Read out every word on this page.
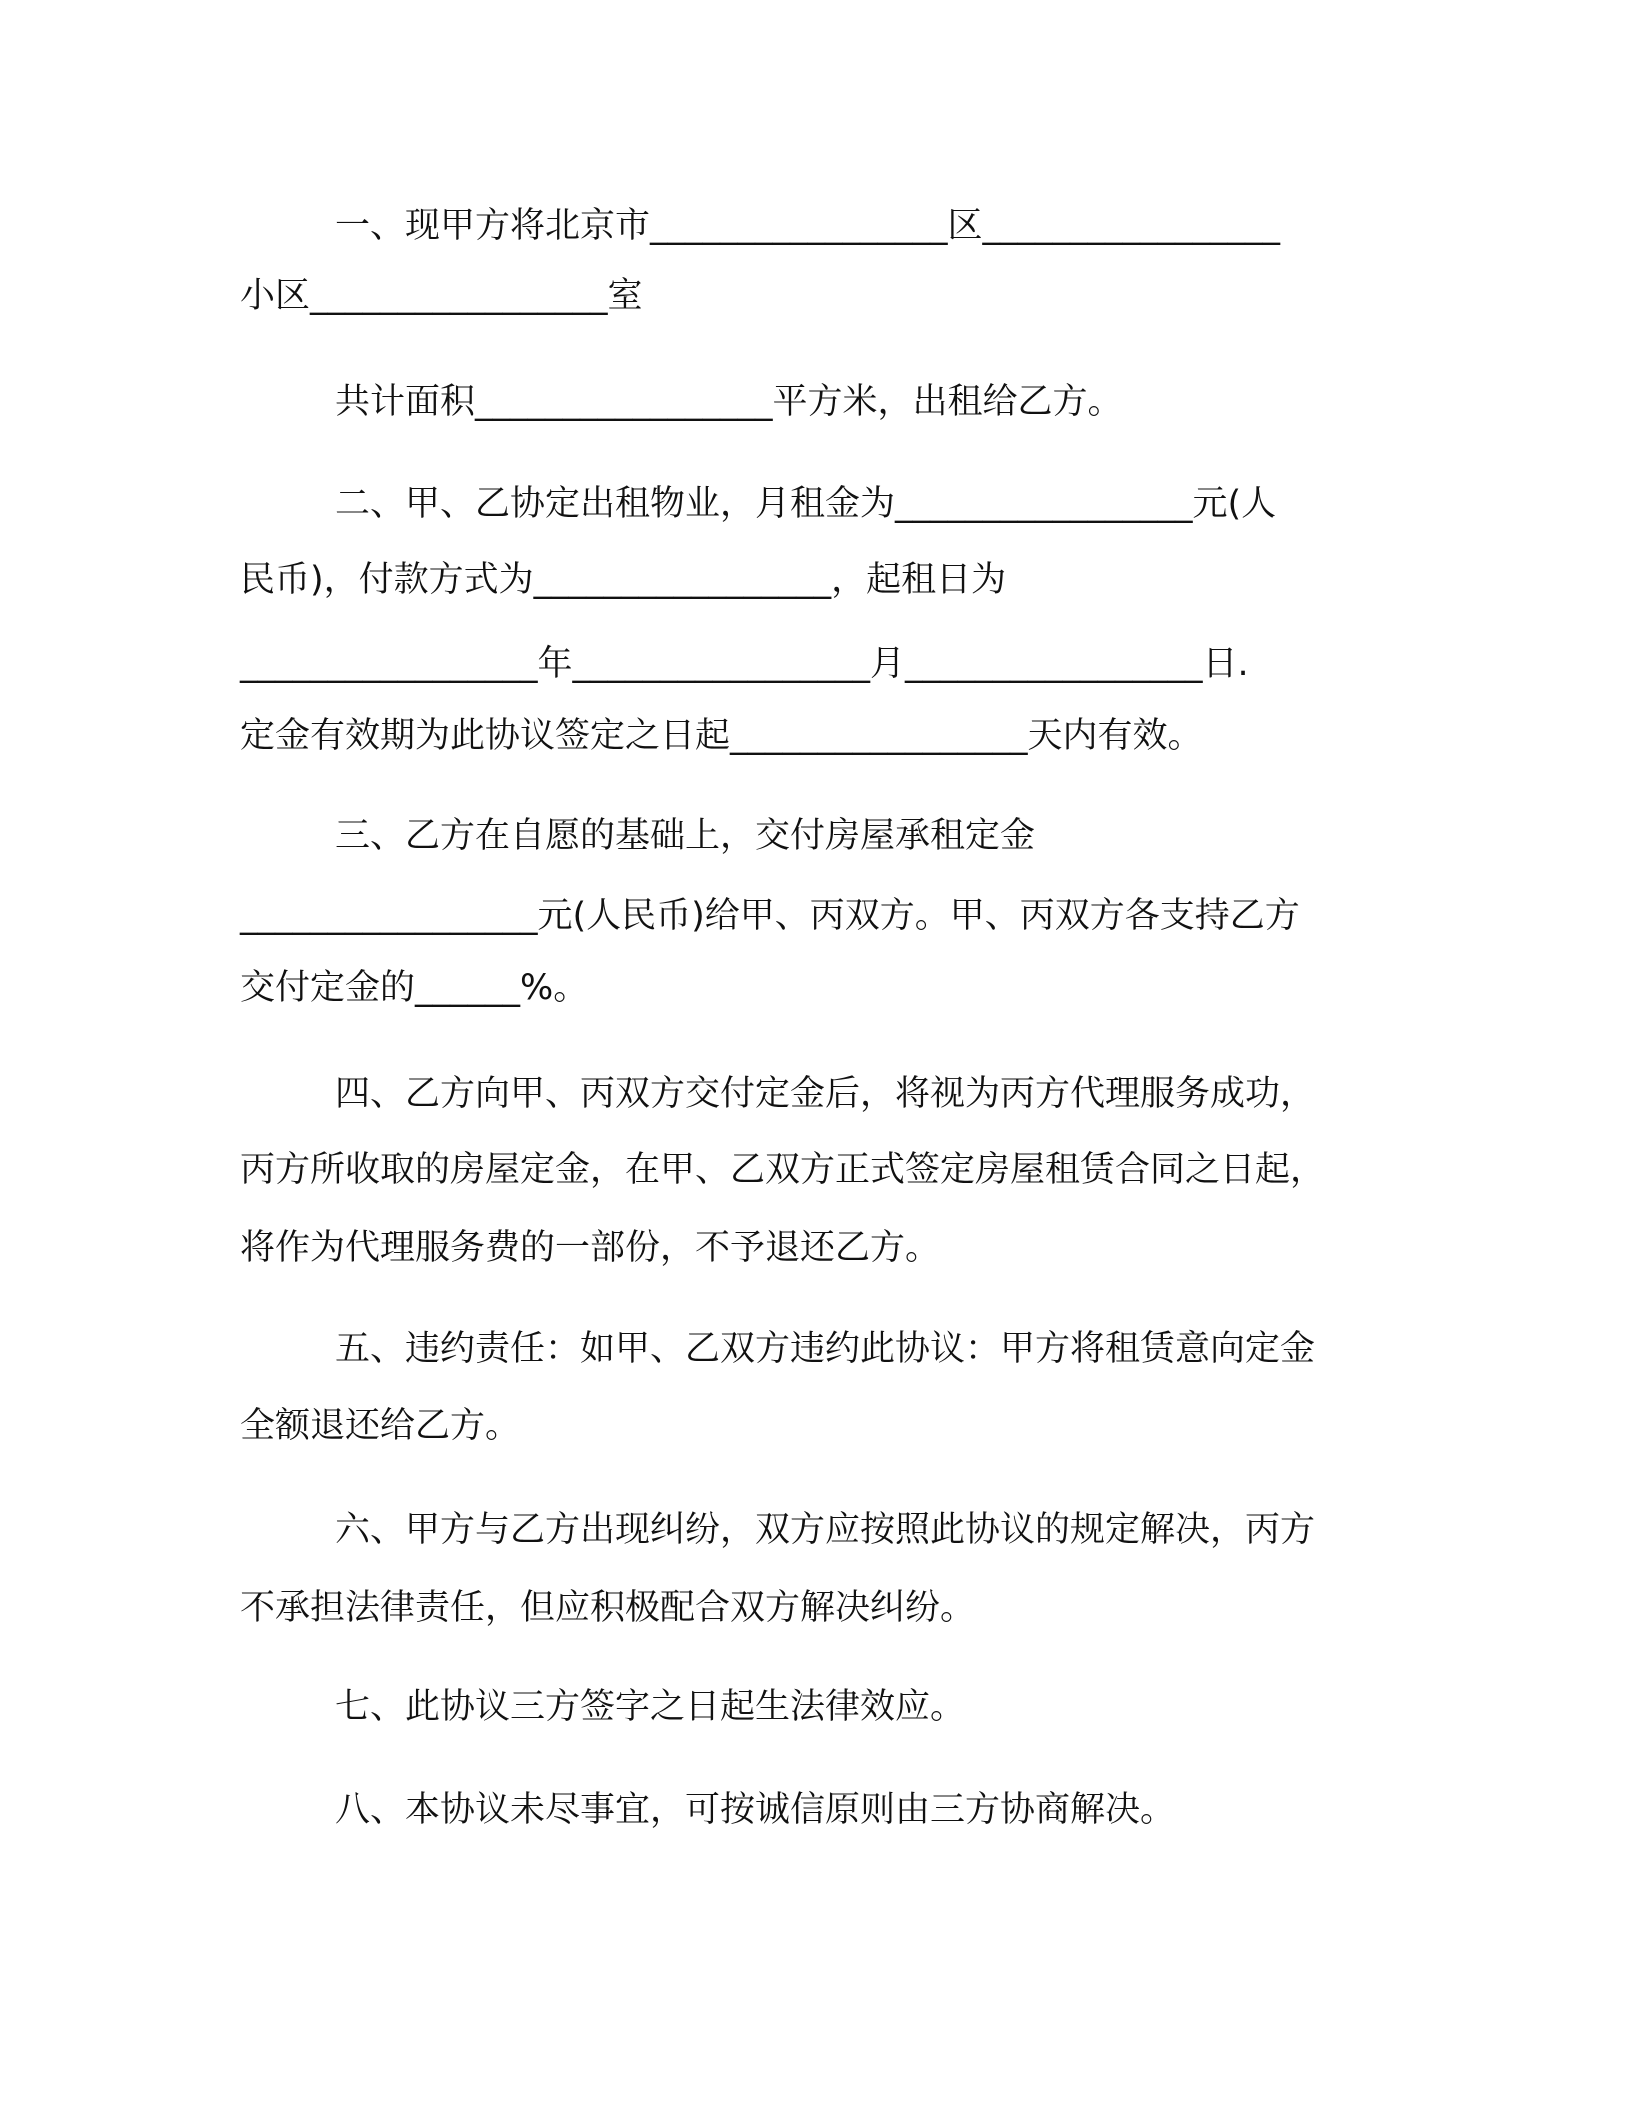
一、现甲方将北京市_________________区_________________
小区_________________室
共计面积_________________平方米，出租给乙方。
二、甲、乙协定出租物业，月租金为_________________元(人
民币)，付款方式为_________________，起租日为
_________________年_________________月_________________日.
定金有效期为此协议签定之日起_________________天内有效。
三、乙方在自愿的基础上，交付房屋承租定金
_________________元(人民币)给甲、丙双方。甲、丙双方各支持乙方
交付定金的______%。
四、乙方向甲、丙双方交付定金后，将视为丙方代理服务成功，
丙方所收取的房屋定金，在甲、乙双方正式签定房屋租赁合同之日起，
将作为代理服务费的一部份，不予退还乙方。
五、违约责任：如甲、乙双方违约此协议：甲方将租赁意向定金
全额退还给乙方。
六、甲方与乙方出现纠纷，双方应按照此协议的规定解决，丙方
不承担法律责任，但应积极配合双方解决纠纷。
七、此协议三方签字之日起生法律效应。
八、本协议未尽事宜，可按诚信原则由三方协商解决。
